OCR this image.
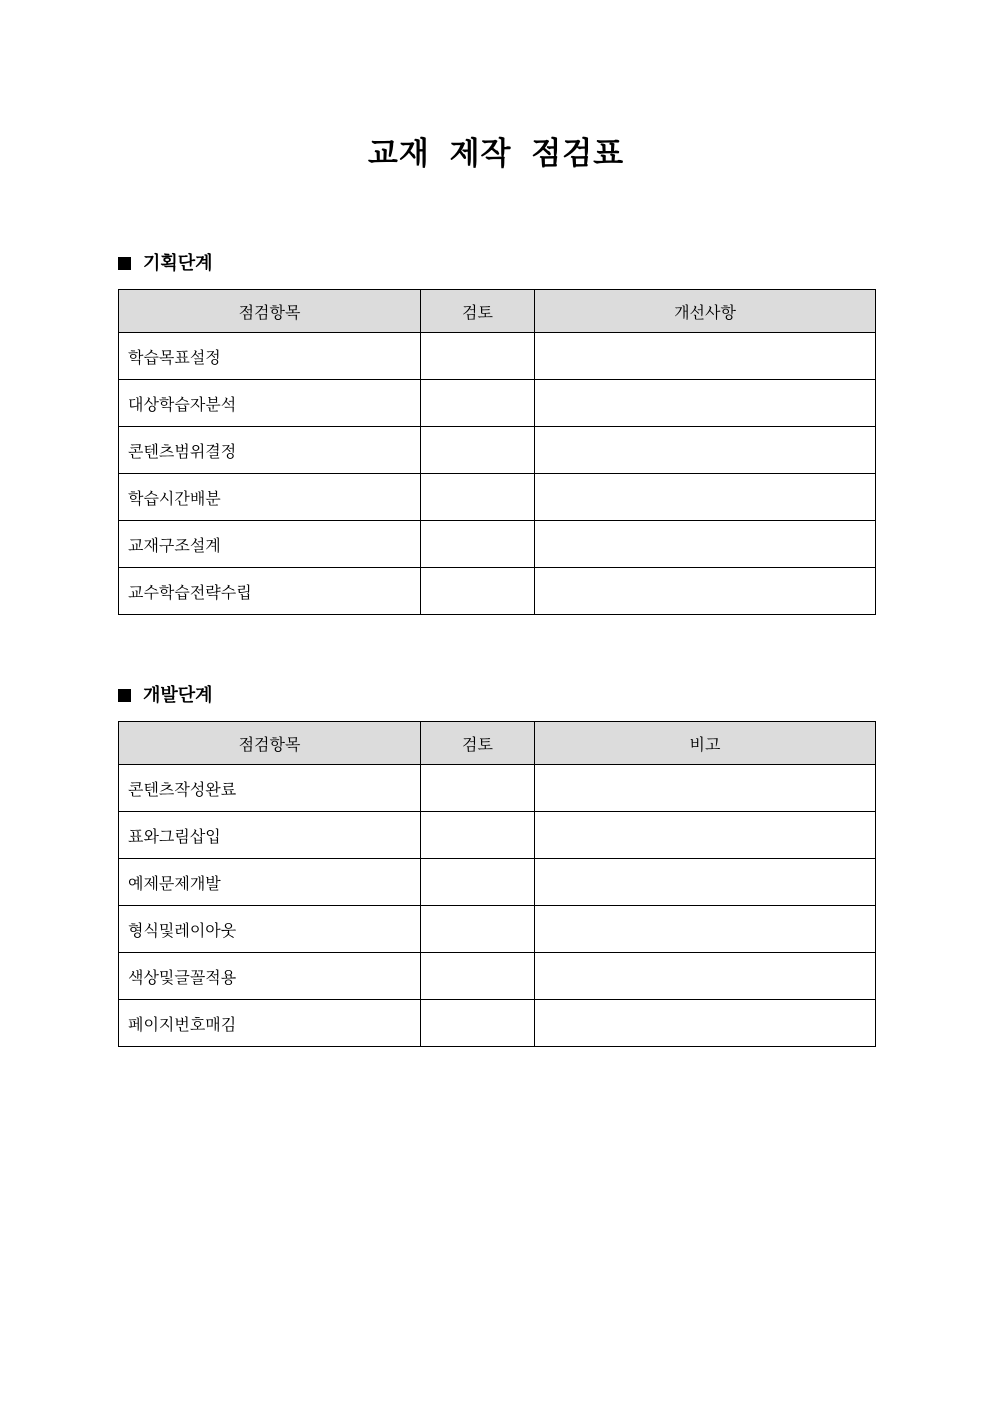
교재 제작 점검표
기획단계
점검항목	검토	개선사항
학습목표설정		
대상학습자분석		
콘텐츠범위결정		
학습시간배분		
교재구조설계		
교수학습전략수립		
개발단계
점검항목	검토	비고
콘텐츠작성완료		
표와그림삽입		
예제문제개발		
형식및레이아웃		
색상및글꼴적용		
페이지번호매김		
